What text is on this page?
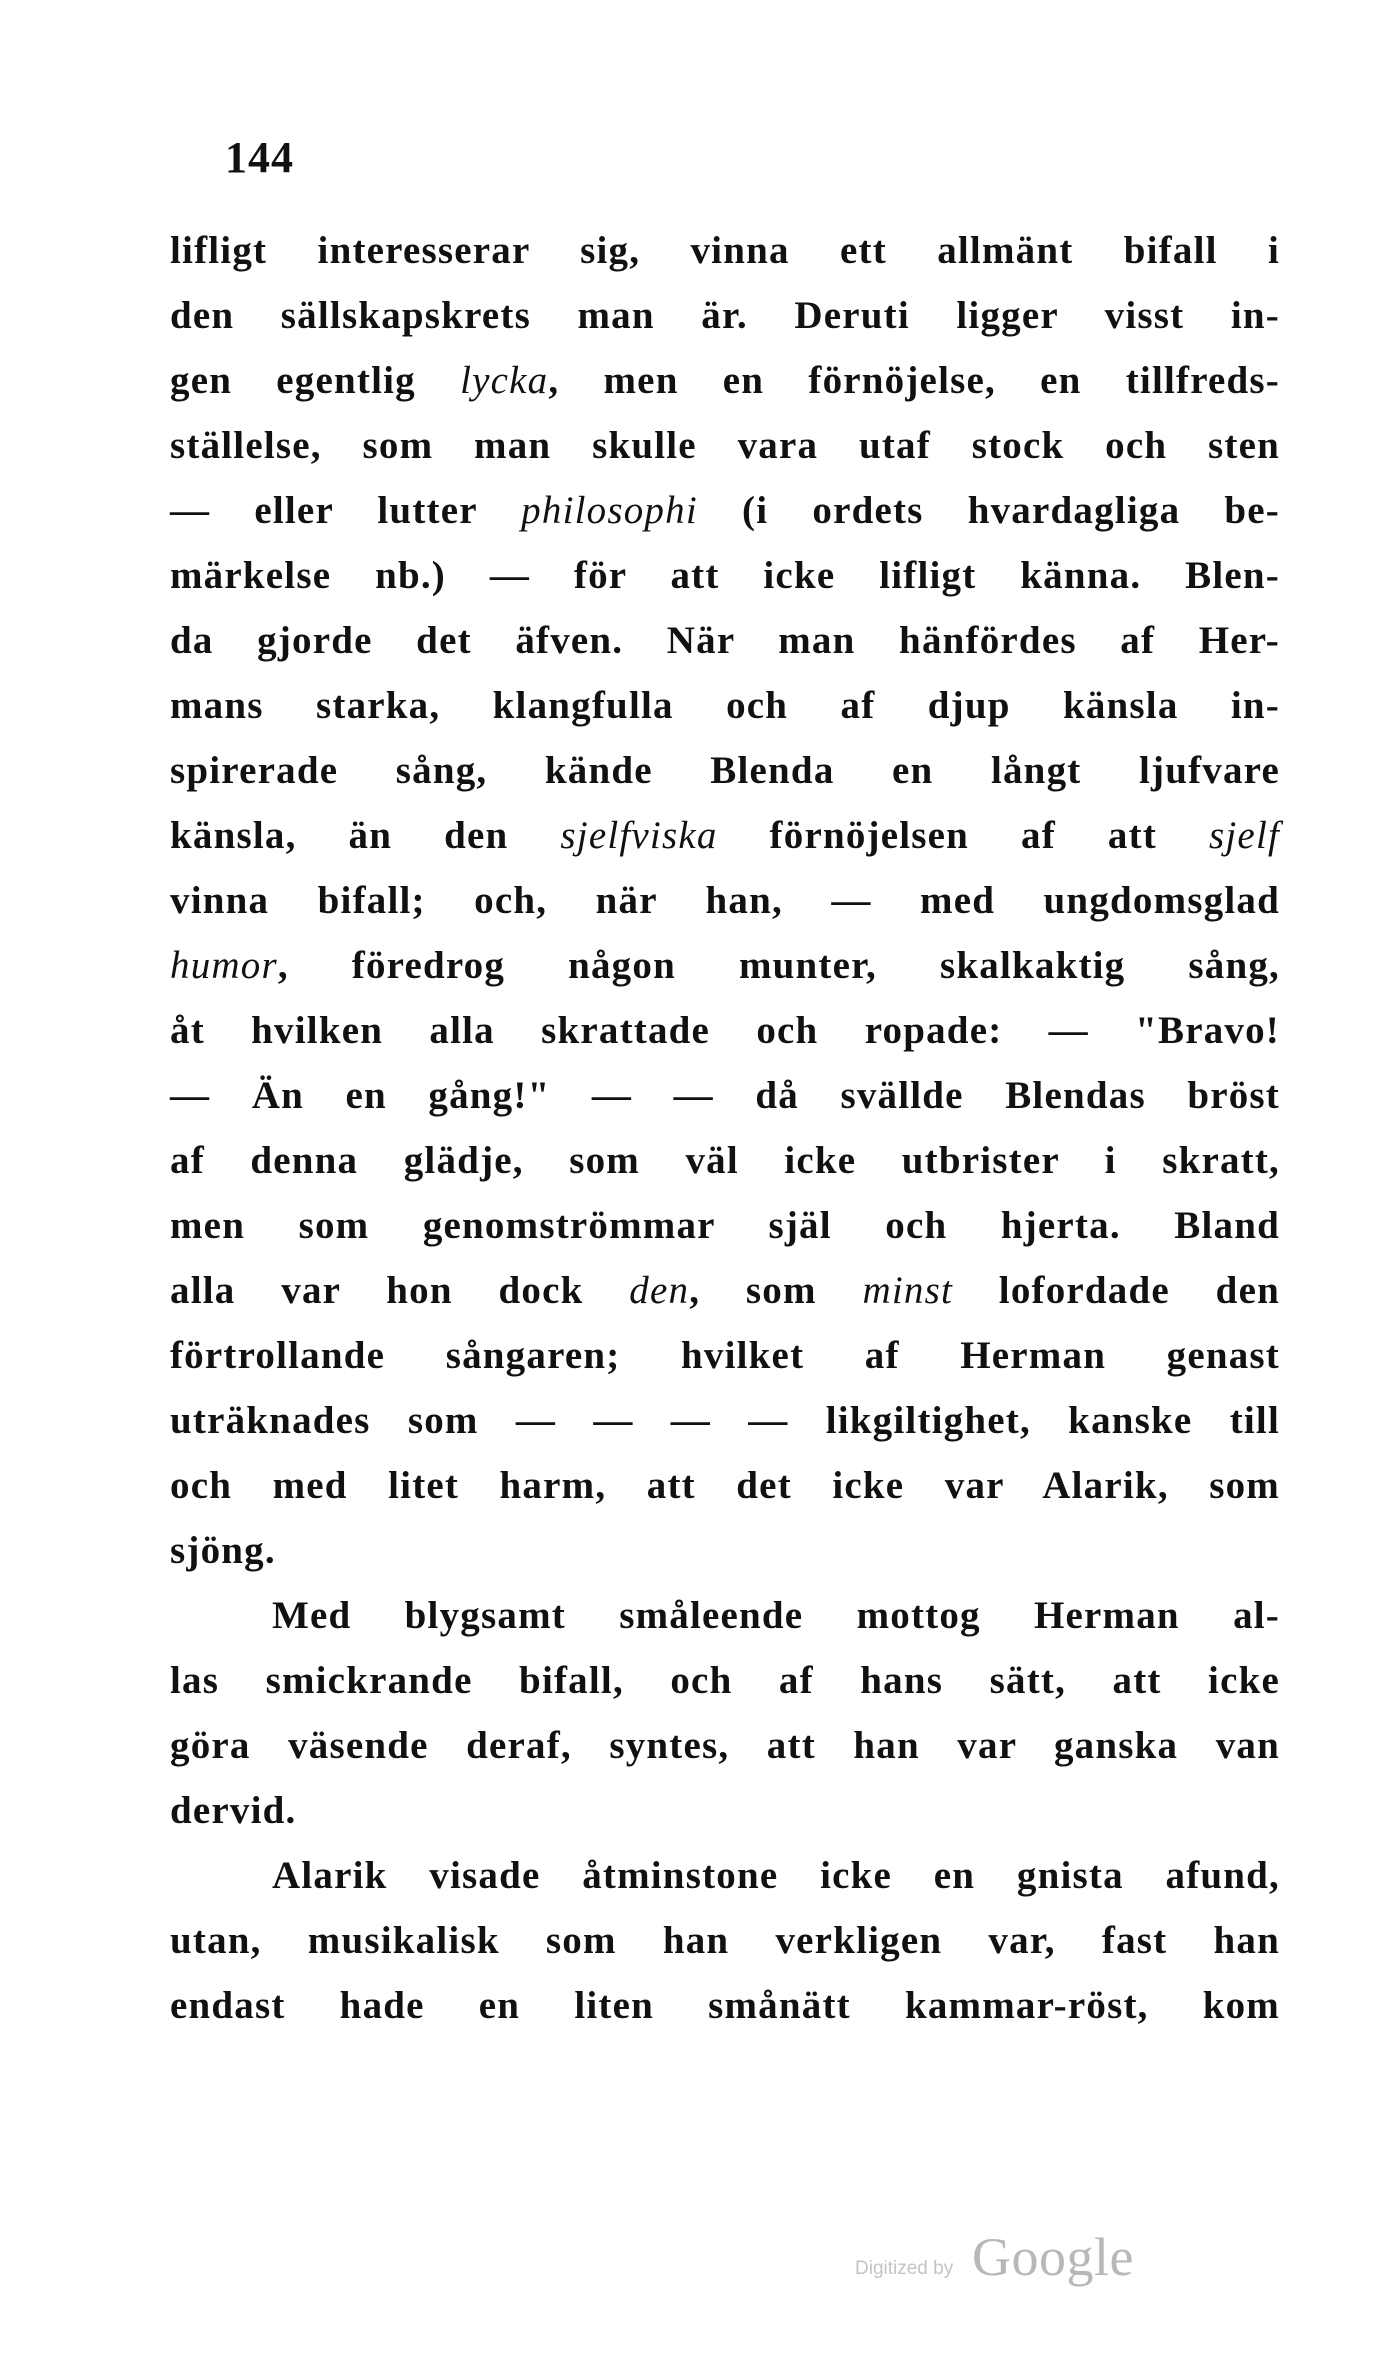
144
lifligt interesserar sig, vinna ett allmänt bifall i
den sällskapskrets man är. Deruti ligger visst in-
gen egentlig lycka, men en förnöjelse, en tillfreds-
ställelse, som man skulle vara utaf stock och sten
— eller lutter philosophi (i ordets hvardagliga be-
märkelse nb.) — för att icke lifligt känna. Blen-
da gjorde det äfven. När man hänfördes af Her-
mans starka, klangfulla och af djup känsla in-
spirerade sång, kände Blenda en långt ljufvare
känsla, än den sjelfviska förnöjelsen af att sjelf
vinna bifall; och, när han, — med ungdomsglad
humor, föredrog någon munter, skalkaktig sång,
åt hvilken alla skrattade och ropade: — "Bravo!
— Än en gång!" — — då svällde Blendas bröst
af denna glädje, som väl icke utbrister i skratt,
men som genomströmmar själ och hjerta. Bland
alla var hon dock den, som minst lofordade den
förtrollande sångaren; hvilket af Herman genast
uträknades som — — — — likgiltighet, kanske till
och med litet harm, att det icke var Alarik, som
sjöng.
Med blygsamt småleende mottog Herman al-
las smickrande bifall, och af hans sätt, att icke
göra väsende deraf, syntes, att han var ganska van
dervid.
Alarik visade åtminstone icke en gnista afund,
utan, musikalisk som han verkligen var, fast han
endast hade en liten smånätt kammar-röst, kom
Digitized by Google
